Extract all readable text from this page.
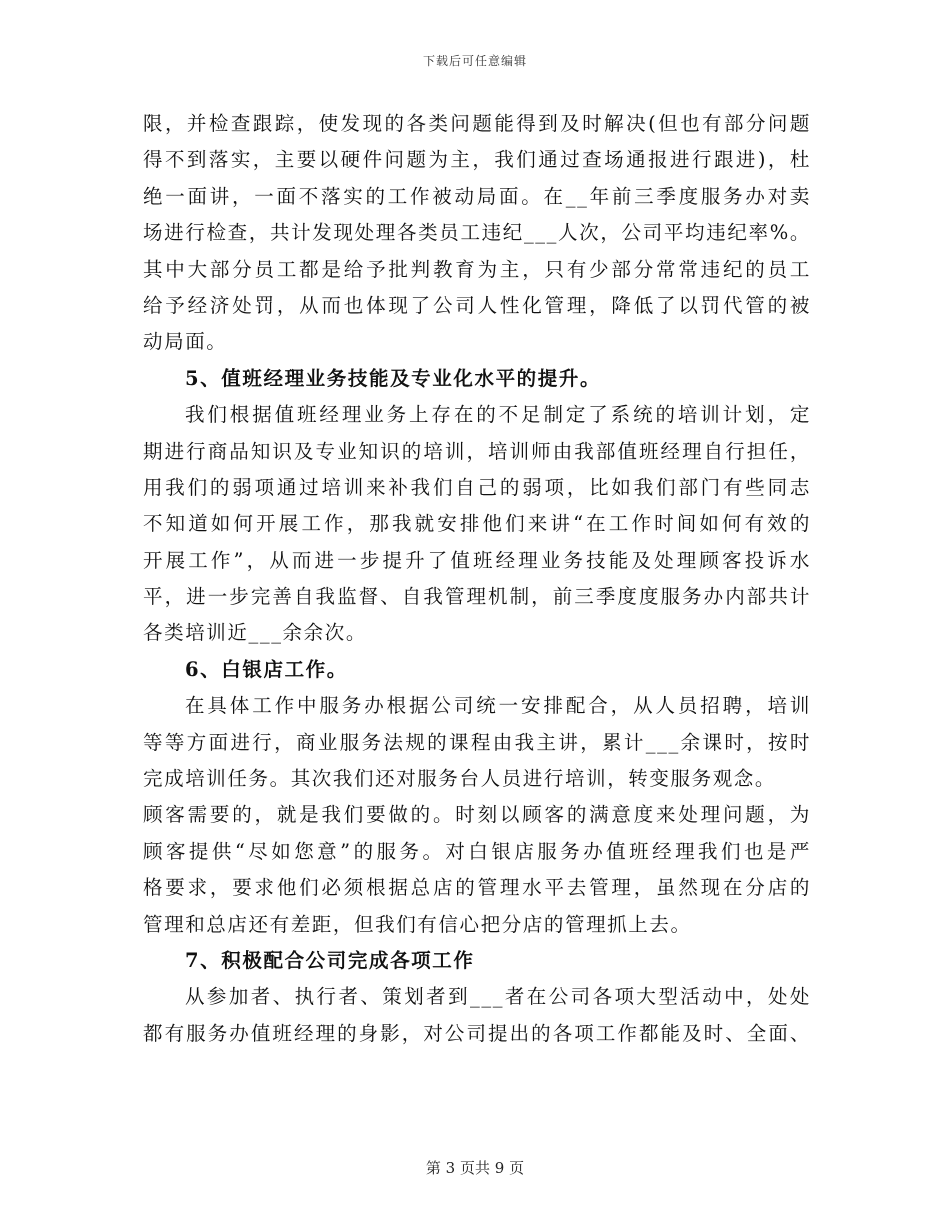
下载后可任意编辑
限，并检查跟踪，使发现的各类问题能得到及时解决(但也有部分问题
得不到落实，主要以硬件问题为主，我们通过查场通报进行跟进)，杜
绝一面讲，一面不落实的工作被动局面。在__年前三季度服务办对卖
场进行检查，共计发现处理各类员工违纪___人次，公司平均违纪率%。
其中大部分员工都是给予批判教育为主，只有少部分常常违纪的员工
给予经济处罚，从而也体现了公司人性化管理，降低了以罚代管的被
动局面。
5、值班经理业务技能及专业化水平的提升。
我们根据值班经理业务上存在的不足制定了系统的培训计划，定
期进行商品知识及专业知识的培训，培训师由我部值班经理自行担任，
用我们的弱项通过培训来补我们自己的弱项，比如我们部门有些同志
不知道如何开展工作，那我就安排他们来讲“在工作时间如何有效的
开展工作”，从而进一步提升了值班经理业务技能及处理顾客投诉水
平，进一步完善自我监督、自我管理机制，前三季度度服务办内部共计
各类培训近___余余次。
6、白银店工作。
在具体工作中服务办根据公司统一安排配合，从人员招聘，培训
等等方面进行，商业服务法规的课程由我主讲，累计___余课时，按时
完成培训任务。其次我们还对服务台人员进行培训，转变服务观念。
顾客需要的，就是我们要做的。时刻以顾客的满意度来处理问题，为
顾客提供“尽如您意”的服务。对白银店服务办值班经理我们也是严
格要求，要求他们必须根据总店的管理水平去管理，虽然现在分店的
管理和总店还有差距，但我们有信心把分店的管理抓上去。
7、积极配合公司完成各项工作
从参加者、执行者、策划者到___者在公司各项大型活动中，处处
都有服务办值班经理的身影，对公司提出的各项工作都能及时、全面、
第 3 页共 9 页
